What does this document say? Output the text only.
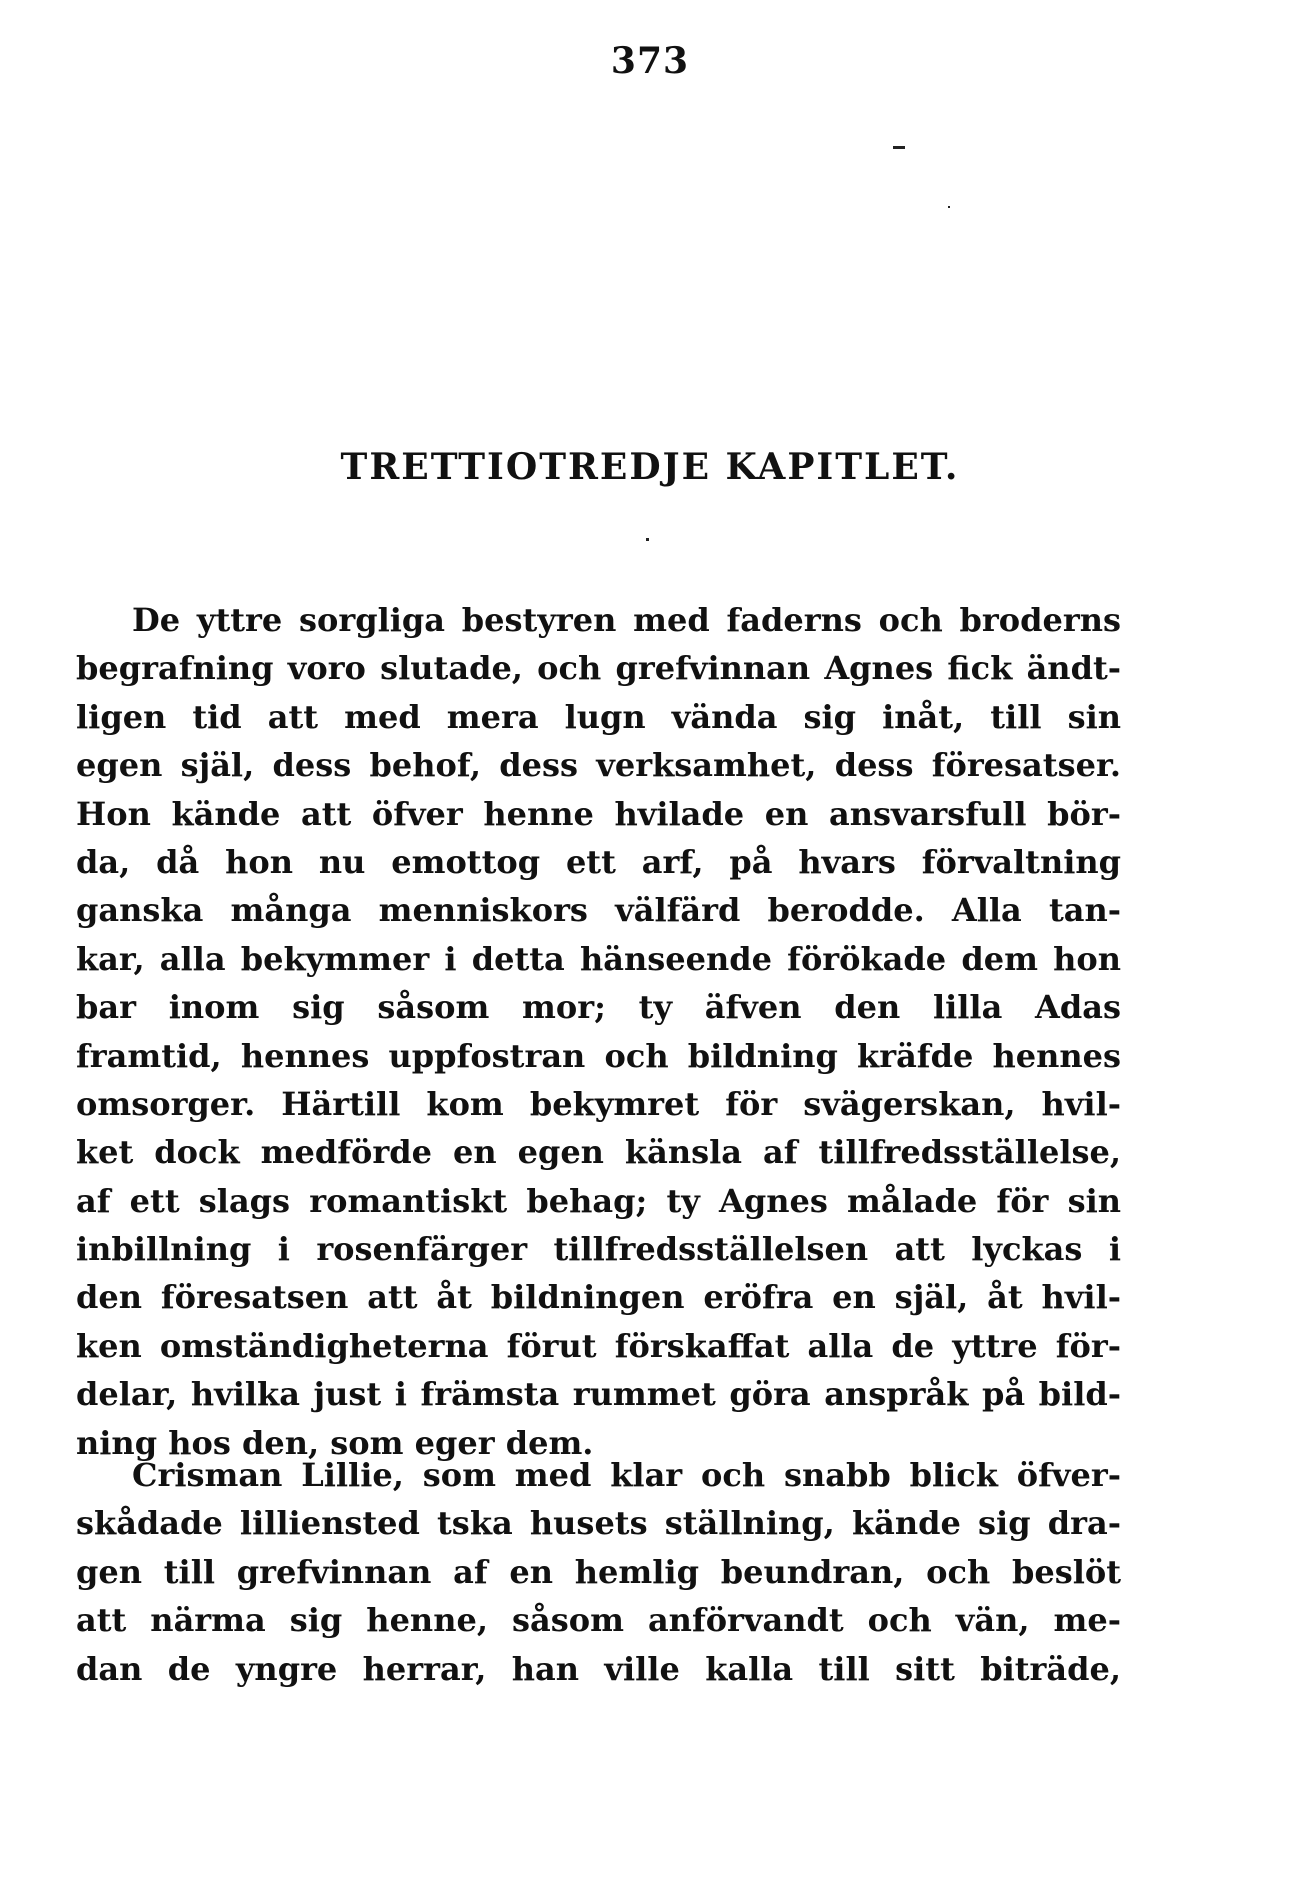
373
TRETTIOTREDJE KAPITLET.
De yttre sorgliga bestyren med faderns och broderns
begrafning voro slutade, och grefvinnan Agnes fick ändt-
ligen tid att med mera lugn vända sig inåt, till sin
egen själ, dess behof, dess verksamhet, dess föresatser.
Hon kände att öfver henne hvilade en ansvarsfull bör-
da, då hon nu emottog ett arf, på hvars förvaltning
ganska många menniskors välfärd berodde. Alla tan-
kar, alla bekymmer i detta hänseende förökade dem hon
bar inom sig såsom mor; ty äfven den lilla Adas
framtid, hennes uppfostran och bildning kräfde hennes
omsorger. Härtill kom bekymret för svägerskan, hvil-
ket dock medförde en egen känsla af tillfredsställelse,
af ett slags romantiskt behag; ty Agnes målade för sin
inbillning i rosenfärger tillfredsställelsen att lyckas i
den föresatsen att åt bildningen eröfra en själ, åt hvil-
ken omständigheterna förut förskaffat alla de yttre för-
delar, hvilka just i främsta rummet göra anspråk på bild-
ning hos den, som eger dem.
Crisman Lillie, som med klar och snabb blick öfver-
skådade lilliensted tska husets ställning, kände sig dra-
gen till grefvinnan af en hemlig beundran, och beslöt
att närma sig henne, såsom anförvandt och vän, me-
dan de yngre herrar, han ville kalla till sitt biträde,
